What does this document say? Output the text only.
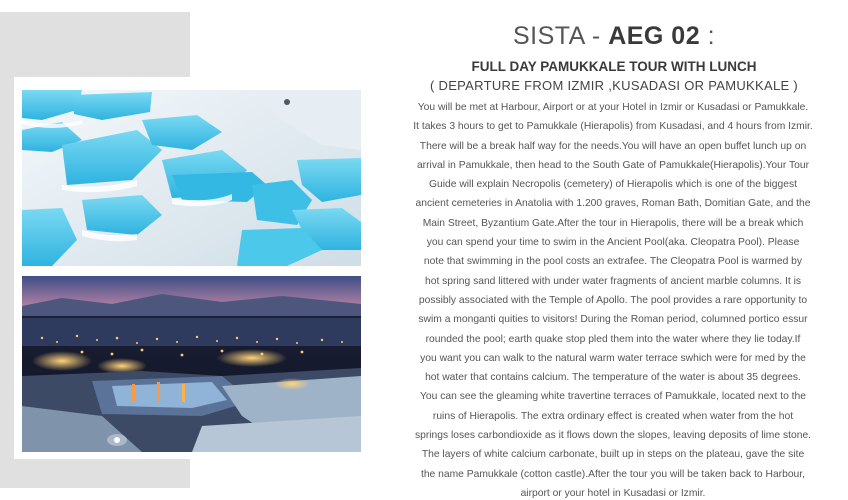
SISTA - AEG 02 :
FULL DAY PAMUKKALE TOUR WITH LUNCH
( DEPARTURE FROM IZMIR ,KUSADASI OR PAMUKKALE )
You will be met at Harbour, Airport or at your Hotel in Izmir or Kusadasi or Pamukkale.
It takes 3 hours to get to Pamukkale (Hierapolis) from Kusadasi, and 4 hours from Izmir.
There will be a break half way for the needs.You will have an open buffet lunch up on
arrival in Pamukkale, then head to the South Gate of Pamukkale(Hierapolis).Your Tour
Guide will explain Necropolis (cemetery) of Hierapolis which is one of the biggest
ancient cemeteries in Anatolia with 1.200 graves, Roman Bath, Domitian Gate, and the
Main Street, Byzantium Gate.After the tour in Hierapolis, there will be a break which
you can spend your time to swim in the Ancient Pool(aka. Cleopatra Pool). Please
note that swimming in the pool costs an extrafee. The Cleopatra Pool is warmed by
hot spring sand littered with under water fragments of ancient marble columns. It is
possibly associated with the Temple of Apollo. The pool provides a rare opportunity to
swim a monganti quities to visitors! During the Roman period, columned portico essur
rounded the pool; earth quake stop pled them into the water where they lie today.If
you want you can walk to the natural warm water terrace swhich were for med by the
hot water that contains calcium. The temperature of the water is about 35 degrees.
You can see the gleaming white travertine terraces of Pamukkale, located next to the
ruins of Hierapolis. The extra ordinary effect is created when water from the hot
springs loses carbondioxide as it flows down the slopes, leaving deposits of lime stone.
The layers of white calcium carbonate, built up in steps on the plateau, gave the site
the name Pamukkale (cotton castle).After the tour you will be taken back to Harbour,
airport or your hotel in Kusadasi or Izmir.
